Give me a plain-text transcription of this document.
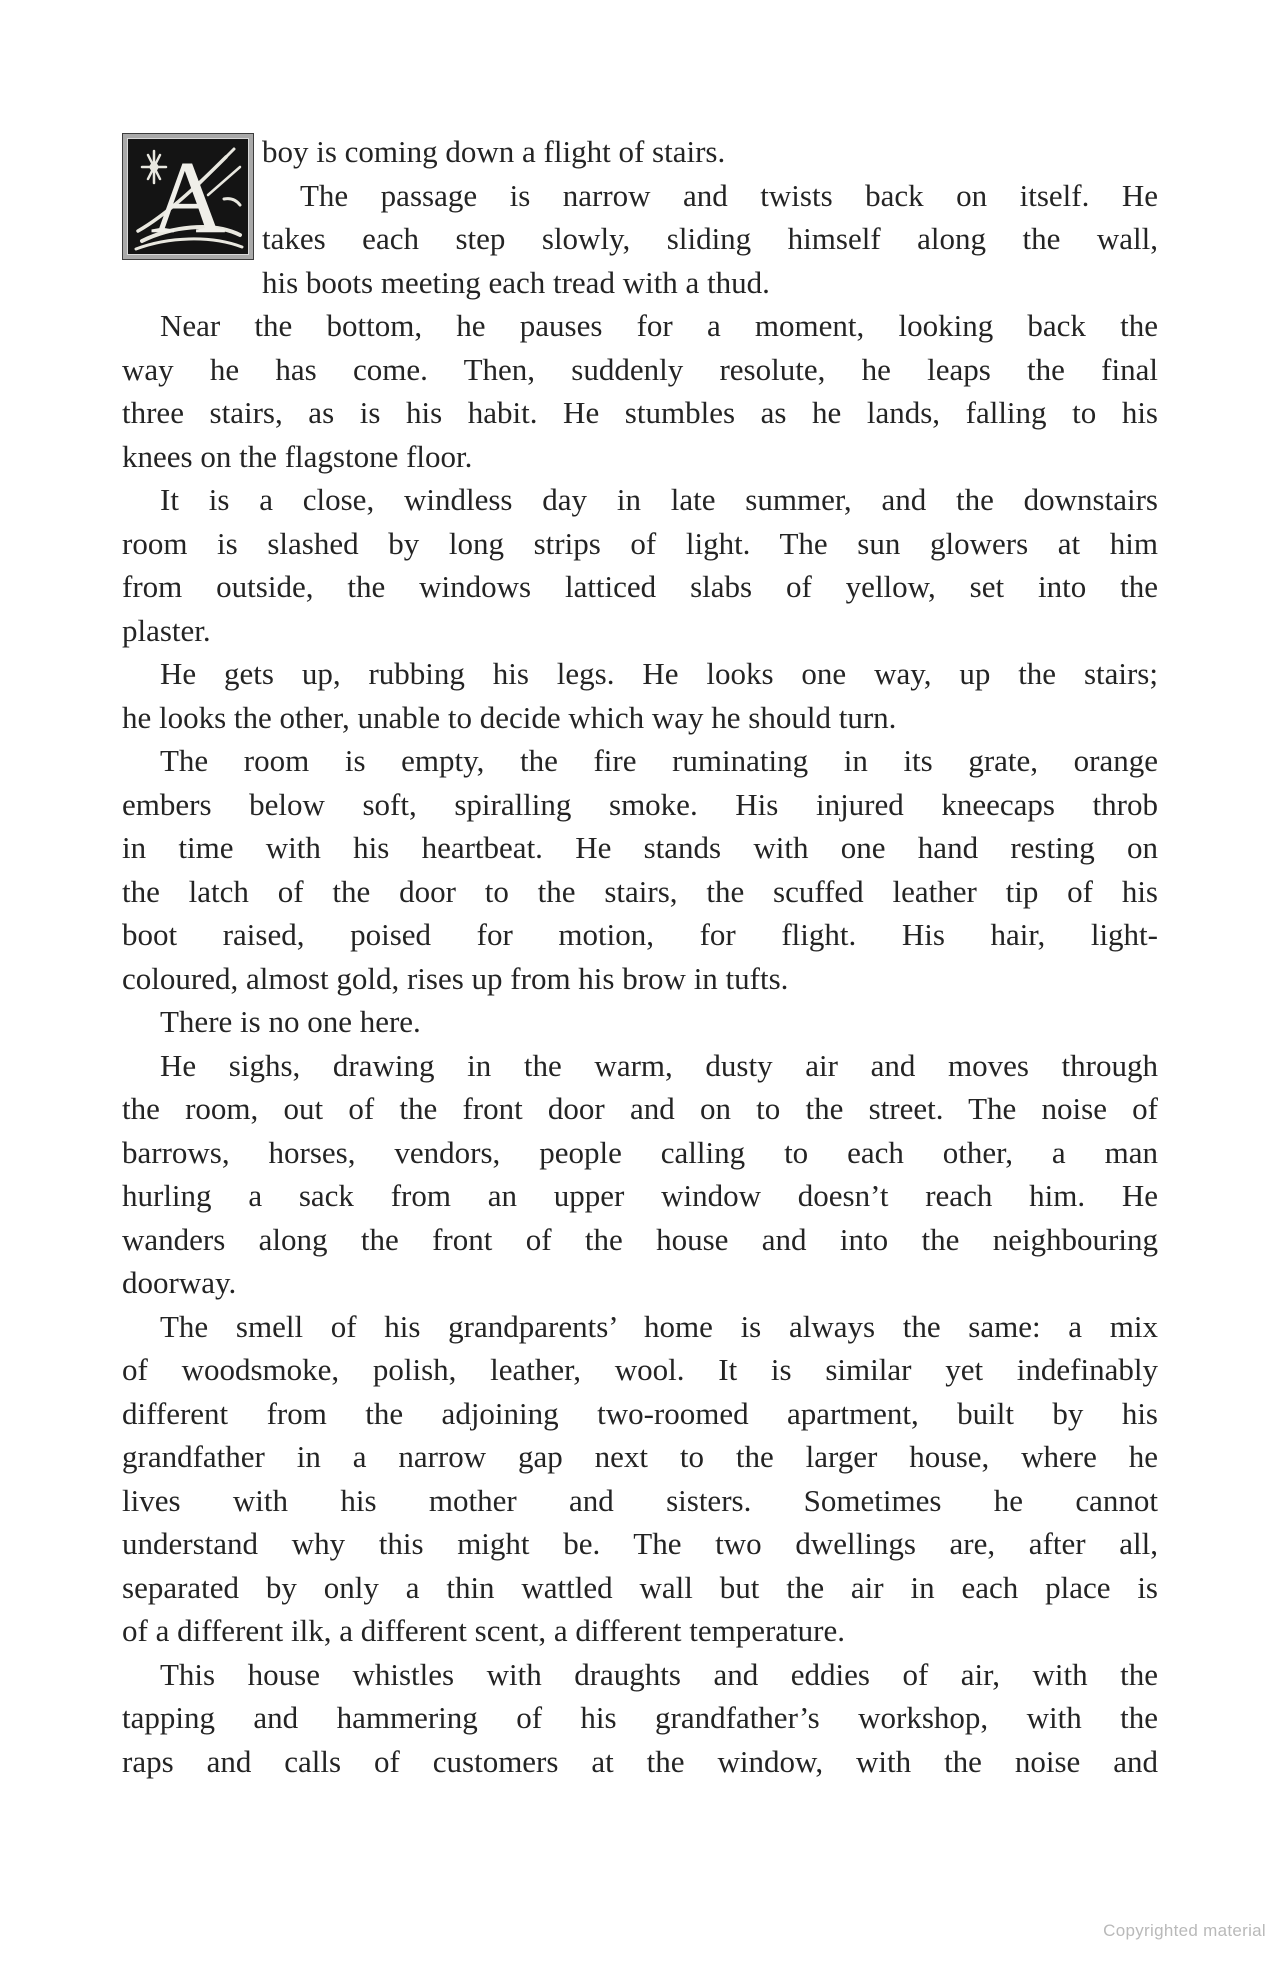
A	boy is coming down a flight of stairs.
The passage is narrow and twists back on itself. He
takes each step slowly, sliding himself along the wall,
his boots meeting each tread with a thud.
Near the bottom, he pauses for a moment, looking back the
way he has come. Then, suddenly resolute, he leaps the final
three stairs, as is his habit. He stumbles as he lands, falling to his
knees on the flagstone floor.
It is a close, windless day in late summer, and the downstairs
room is slashed by long strips of light. The sun glowers at him
from outside, the windows latticed slabs of yellow, set into the
plaster.
He gets up, rubbing his legs. He looks one way, up the stairs;
he looks the other, unable to decide which way he should turn.
The room is empty, the fire ruminating in its grate, orange
embers below soft, spiralling smoke. His injured kneecaps throb
in time with his heartbeat. He stands with one hand resting on
the latch of the door to the stairs, the scuffed leather tip of his
boot raised, poised for motion, for flight. His hair, light-
coloured, almost gold, rises up from his brow in tufts.
There is no one here.
He sighs, drawing in the warm, dusty air and moves through
the room, out of the front door and on to the street. The noise of
barrows, horses, vendors, people calling to each other, a man
hurling a sack from an upper window doesn’t reach him. He
wanders along the front of the house and into the neighbouring
doorway.
The smell of his grandparents’ home is always the same: a mix
of woodsmoke, polish, leather, wool. It is similar yet indefinably
different from the adjoining two-roomed apartment, built by his
grandfather in a narrow gap next to the larger house, where he
lives with his mother and sisters. Sometimes he cannot
understand why this might be. The two dwellings are, after all,
separated by only a thin wattled wall but the air in each place is
of a different ilk, a different scent, a different temperature.
This house whistles with draughts and eddies of air, with the
tapping and hammering of his grandfather’s workshop, with the
raps and calls of customers at the window, with the noise and
Copyrighted material
